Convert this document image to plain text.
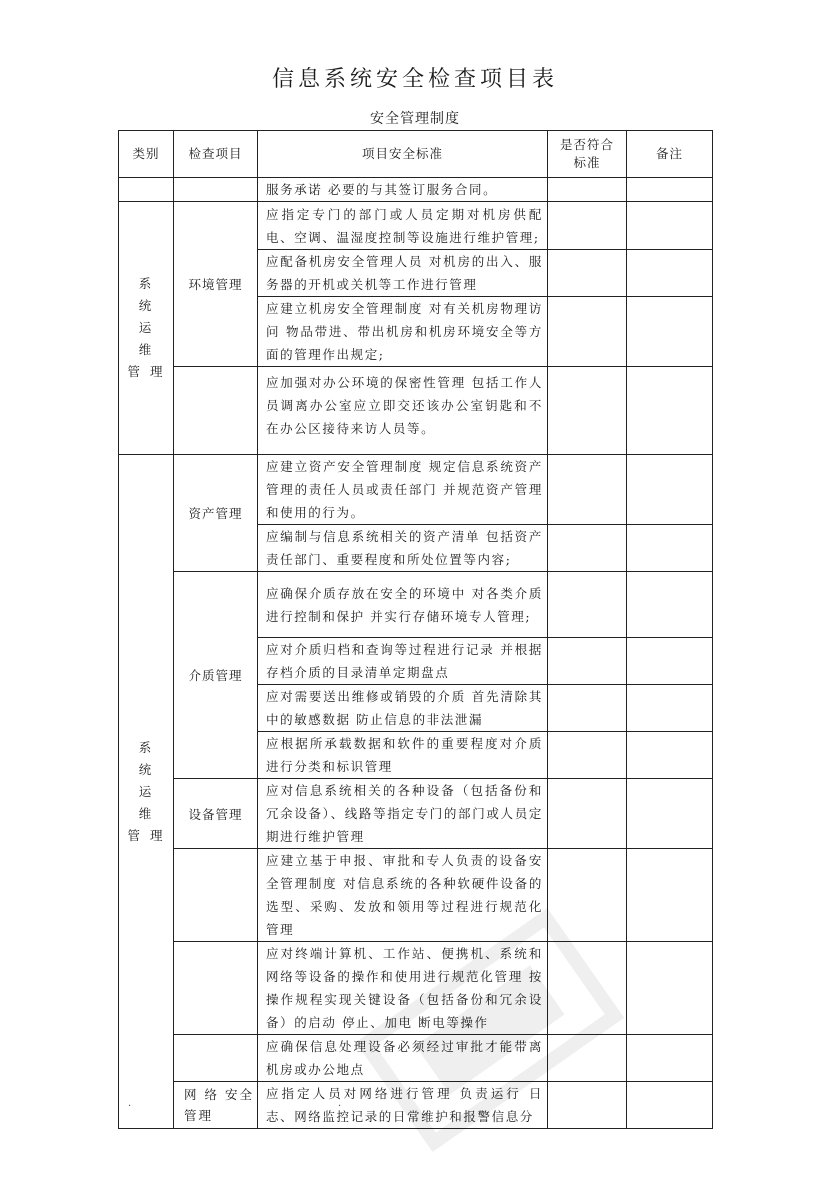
信息系统安全检查项目表
安全管理制度
类别	检查项目	项目安全标准	是否符合标准	备注
		服务承诺 必要的与其签订服务合同。		
系 统 运 维 管理	环境管理	应指定专门的部门或人员定期对机房供配电、空调、温湿度控制等设施进行维护管理;		
		应配备机房安全管理人员 对机房的出入、服务器的开机或关机等工作进行管理		
		应建立机房安全管理制度 对有关机房物理访问 物品带进、带出机房和机房环境安全等方面的管理作出规定;		
		应加强对办公环境的保密性管理 包括工作人员调离办公室应立即交还该办公室钥匙和不在办公区接待来访人员等。		
系 统 运 维 管理	资产管理	应建立资产安全管理制度 规定信息系统资产管理的责任人员或责任部门 并规范资产管理和使用的行为。		
		应编制与信息系统相关的资产清单 包括资产责任部门、重要程度和所处位置等内容;		
	介质管理	应确保介质存放在安全的环境中 对各类介质进行控制和保护 并实行存储环境专人管理;		
		应对介质归档和查询等过程进行记录 并根据存档介质的目录清单定期盘点		
		应对需要送出维修或销毁的介质 首先清除其中的敏感数据 防止信息的非法泄漏		
		应根据所承载数据和软件的重要程度对介质进行分类和标识管理		
	设备管理	应对信息系统相关的各种设备（包括备份和冗余设备）、线路等指定专门的部门或人员定期进行维护管理		
		应建立基于申报、审批和专人负责的设备安全管理制度 对信息系统的各种软硬件设备的选型、采购、发放和领用等过程进行规范化管理		
		应对终端计算机、工作站、便携机、系统和网络等设备的操作和使用进行规范化管理 按操作规程实现关键设备（包括备份和冗余设备）的启动 停止、加电 断电等操作		
		应确保信息处理设备必须经过审批才能带离机房或办公地点		
	网 络 安全管理	应指定人员对网络进行管理 负责运行 日志、网络监控记录的日常维护和报警信息分		
.	.
